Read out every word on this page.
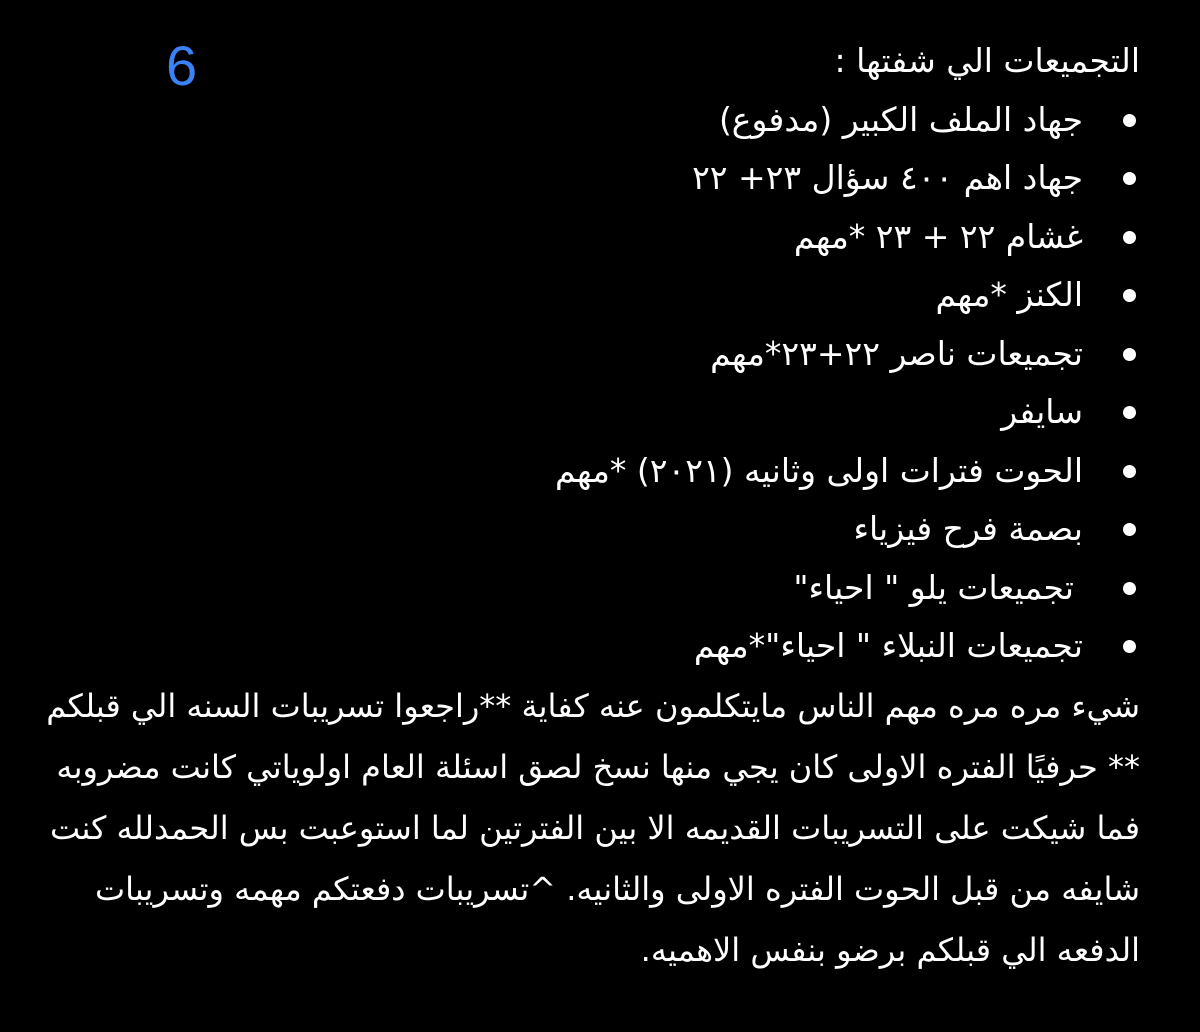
6	التجميعات الي شفتها :

جهاد الملف الكبير (مدفوع)
جهاد اهم ٤٠٠ سؤال ٢٣+ ٢٢
غشام ٢٢ + ٢٣ *مهم
الكنز *مهم
تجميعات ناصر ٢٢+٢٣*مهم
سايفر
الحوت فترات اولى وثانيه (٢٠٢١) *مهم
بصمة فرح فيزياء
تجميعات يلو " احياء"
تجميعات النبلاء " احياء"*مهم

شيء مره مره مهم الناس مايتكلمون عنه كفاية **راجعوا تسريبات السنه الي قبلكم ** حرفيًا الفتره الاولى كان يجي منها نسخ لصق اسئلة العام اولوياتي كانت مضروبه فما شيكت على التسريبات القديمه الا بين الفترتين لما استوعبت بس الحمدلله كنت شايفه من قبل الحوت الفتره الاولى والثانيه. ^تسريبات دفعتكم مهمه وتسريبات الدفعه الي قبلكم برضو بنفس الاهميه.
